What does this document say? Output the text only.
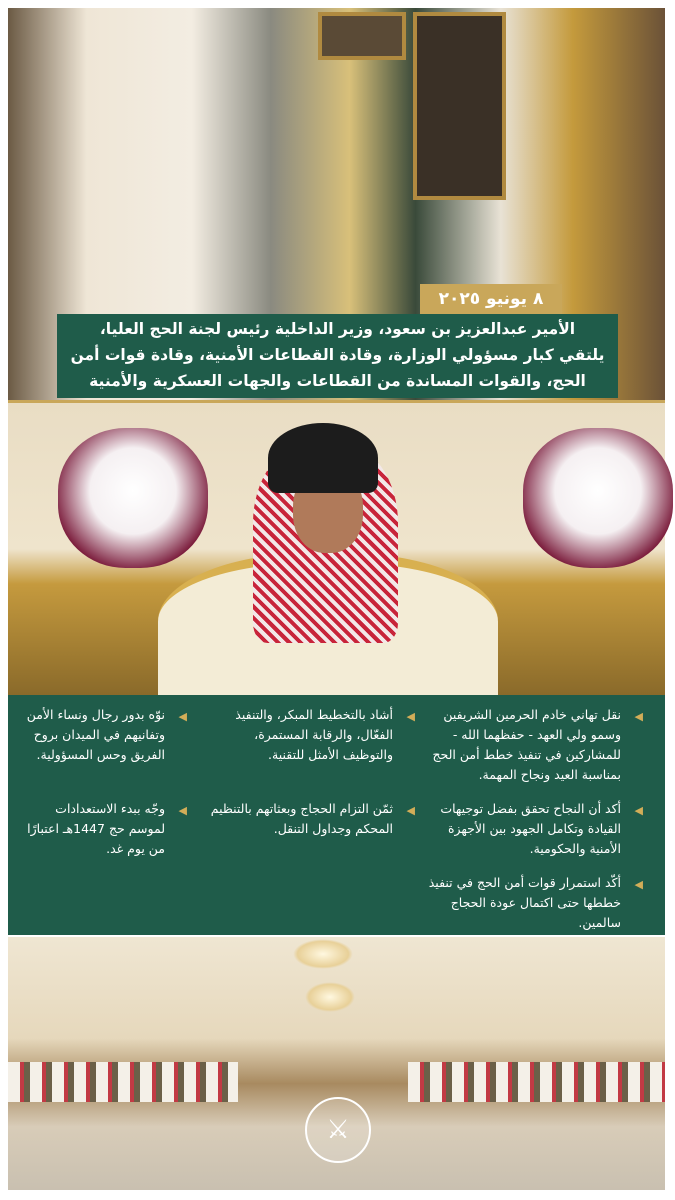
٨ يونيو ٢٠٢٥
الأمير عبدالعزيز بن سعود، وزير الداخلية رئيس لجنة الحج العليا،
يلتقي كبار مسؤولي الوزارة، وقادة القطاعات الأمنية، وقادة قوات أمن
الحج، والقوات المساندة من القطاعات والجهات العسكرية والأمنية
◀
نقل تهاني خادم الحرمين الشريفين وسمو ولي العهد - حفظهما الله - للمشاركين في تنفيذ خطط أمن الحج بمناسبة العيد ونجاح المهمة.
◀
أكد أن النجاح تحقق بفضل توجيهات القيادة وتكامل الجهود بين الأجهزة الأمنية والحكومية.
◀
أكّد استمرار قوات أمن الحج في تنفيذ خططها حتى اكتمال عودة الحجاج سالمين.
◀
أشاد بالتخطيط المبكر، والتنفيذ الفعّال، والرقابة المستمرة، والتوظيف الأمثل للتقنية.
◀
ثمّن التزام الحجاج وبعثاتهم بالتنظيم المحكم وجداول التنقل.
◀
نوّه بدور رجال ونساء الأمن وتفانيهم في الميدان بروح الفريق وحس المسؤولية.
◀
وجّه ببدء الاستعدادات لموسم حج 1447هـ اعتبارًا من يوم غد.
⚔
